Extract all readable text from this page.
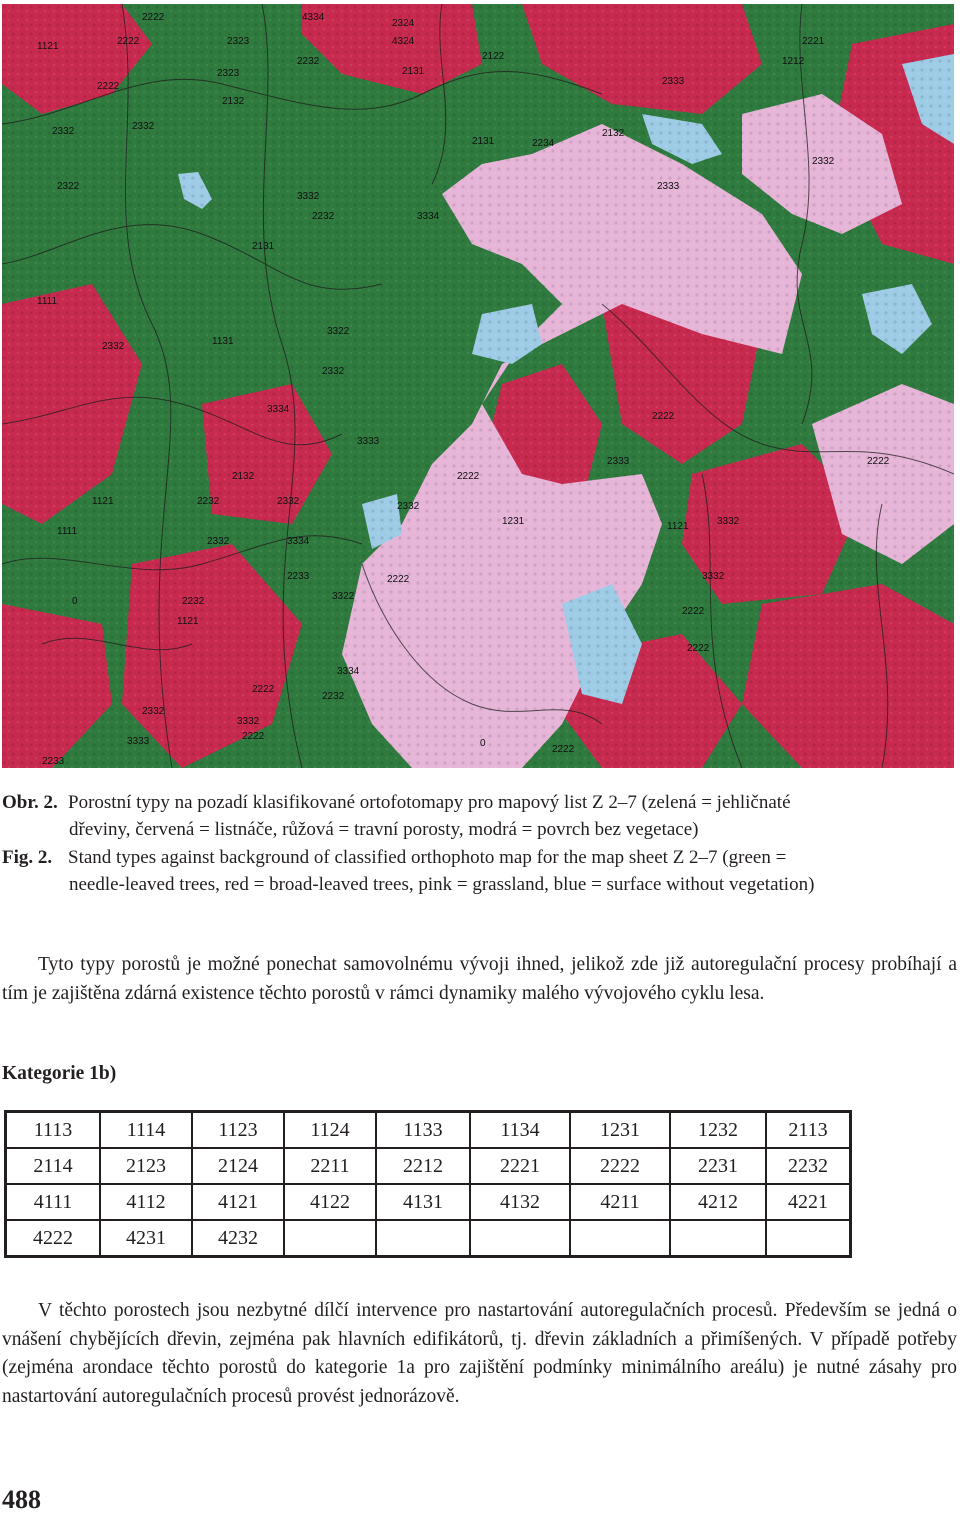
2222	4334
2323
2332
1121	2222
2324
4324
2131
2323
2232
2222
2122
2332
2132
2333
2221
2131	2234
2132
2322
3332
3334
2232
2333
2332
2131
1111
2332
3322
1131
2332
3334
2222
3333
1231
2222
2332
1121
3332
2332
2232
3334
3322
2332
1121
2233	2222
2222
3334
2232
2222
2332
1212
2233
3332
2222
0
0
3332
3333
2232
2222
1121
2333
2132
2222
2222
1111
Obr. 2. Porostní typy na pozadí klasifikované ortofotomapy pro mapový list Z 2–7 (zelená = jehličnaté
dřeviny, červená = listnáče, růžová = travní porosty, modrá = povrch bez vegetace)
Fig. 2. Stand types against background of classified orthophoto map for the map sheet Z 2–7 (green =
needle-leaved trees, red = broad-leaved trees, pink = grassland, blue = surface without vegetation)

Tyto typy porostů je možné ponechat samovolnému vývoji ihned, jelikož zde již autoregulační procesy probíhají a tím je zajištěna zdárná existence těchto porostů v rámci dynamiky malého vývojového cyklu lesa.

Kategorie 1b)

1113	1114	1123	1124	1133	1134	1231	1232	2113
2114	2123	2124	2211	2212	2221	2222	2231	2232
4111	4112	4121	4122	4131	4132	4211	4212	4221
4222	4231	4232						

V těchto porostech jsou nezbytné dílčí intervence pro nastartování autoregulačních procesů. Především se jedná o vnášení chybějících dřevin, zejména pak hlavních edifikátorů, tj. dřevin základních a přimíšených. V případě potřeby (zejména arondace těchto porostů do kategorie 1a pro zajištění podmínky minimálního areálu) je nutné zásahy pro nastartování autoregulačních procesů provést jednorázově.

488
